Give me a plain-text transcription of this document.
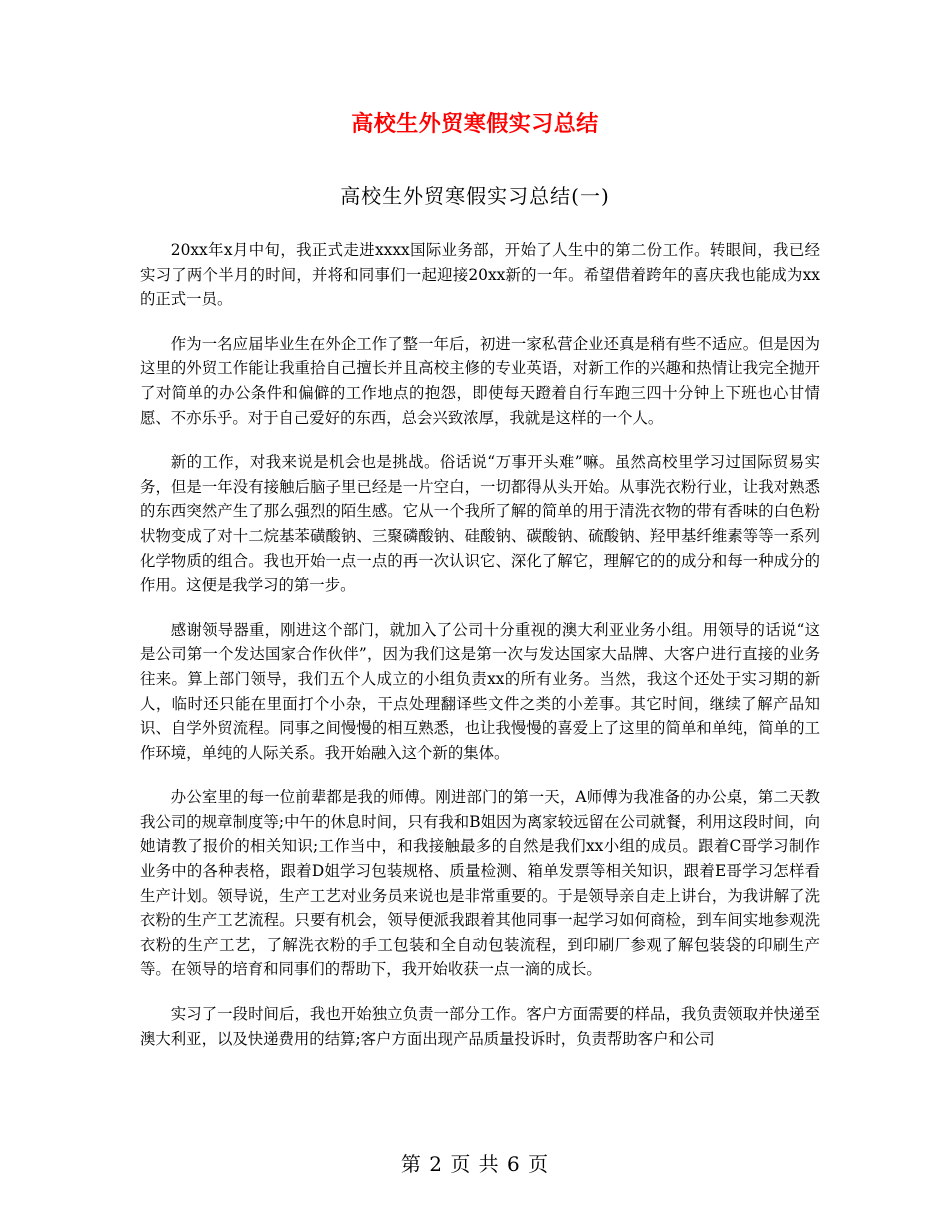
高校生外贸寒假实习总结
高校生外贸寒假实习总结(一)

20xx年x月中旬，我正式走进xxxx国际业务部，开始了人生中的第二份工作。转眼间，我已经实习了两个半月的时间，并将和同事们一起迎接20xx新的一年。希望借着跨年的喜庆我也能成为xx的正式一员。

作为一名应届毕业生在外企工作了整一年后，初进一家私营企业还真是稍有些不适应。但是因为这里的外贸工作能让我重拾自己擅长并且高校主修的专业英语，对新工作的兴趣和热情让我完全抛开了对简单的办公条件和偏僻的工作地点的抱怨，即使每天蹬着自行车跑三四十分钟上下班也心甘情愿、不亦乐乎。对于自己爱好的东西，总会兴致浓厚，我就是这样的一个人。

新的工作，对我来说是机会也是挑战。俗话说“万事开头难”嘛。虽然高校里学习过国际贸易实务，但是一年没有接触后脑子里已经是一片空白，一切都得从头开始。从事洗衣粉行业，让我对熟悉的东西突然产生了那么强烈的陌生感。它从一个我所了解的简单的用于清洗衣物的带有香味的白色粉状物变成了对十二烷基苯磺酸钠、三聚磷酸钠、硅酸钠、碳酸钠、硫酸钠、羟甲基纤维素等等一系列化学物质的组合。我也开始一点一点的再一次认识它、深化了解它，理解它的的成分和每一种成分的作用。这便是我学习的第一步。

感谢领导器重，刚进这个部门，就加入了公司十分重视的澳大利亚业务小组。用领导的话说“这是公司第一个发达国家合作伙伴”，因为我们这是第一次与发达国家大品牌、大客户进行直接的业务往来。算上部门领导，我们五个人成立的小组负责xx的所有业务。当然，我这个还处于实习期的新人，临时还只能在里面打个小杂，干点处理翻译些文件之类的小差事。其它时间，继续了解产品知识、自学外贸流程。同事之间慢慢的相互熟悉，也让我慢慢的喜爱上了这里的简单和单纯，简单的工作环境，单纯的人际关系。我开始融入这个新的集体。

办公室里的每一位前辈都是我的师傅。刚进部门的第一天，A师傅为我准备的办公桌，第二天教我公司的规章制度等;中午的休息时间，只有我和B姐因为离家较远留在公司就餐，利用这段时间，向她请教了报价的相关知识;工作当中，和我接触最多的自然是我们xx小组的成员。跟着C哥学习制作业务中的各种表格，跟着D姐学习包装规格、质量检测、箱单发票等相关知识，跟着E哥学习怎样看生产计划。领导说，生产工艺对业务员来说也是非常重要的。于是领导亲自走上讲台，为我讲解了洗衣粉的生产工艺流程。只要有机会，领导便派我跟着其他同事一起学习如何商检，到车间实地参观洗衣粉的生产工艺，了解洗衣粉的手工包装和全自动包装流程，到印刷厂参观了解包装袋的印刷生产等。在领导的培育和同事们的帮助下，我开始收获一点一滴的成长。

实习了一段时间后，我也开始独立负责一部分工作。客户方面需要的样品，我负责领取并快递至澳大利亚，以及快递费用的结算;客户方面出现产品质量投诉时，负责帮助客户和公司

第 2 页 共 6 页
